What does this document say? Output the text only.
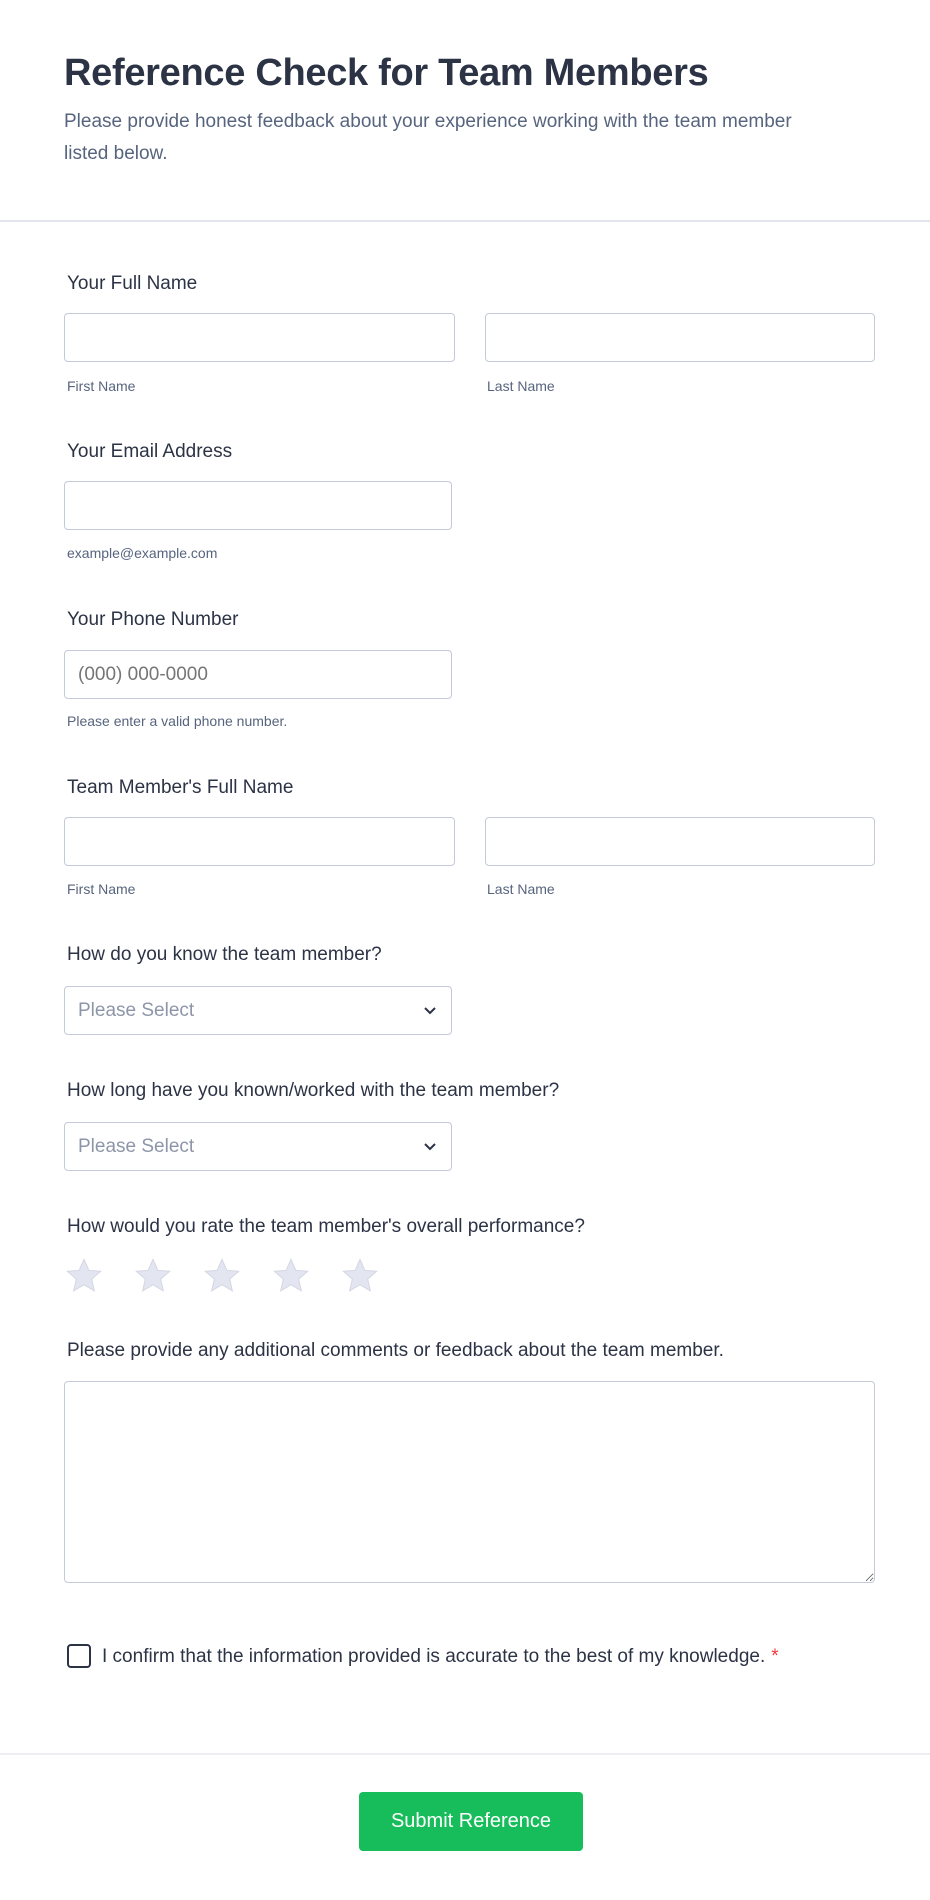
Reference Check for Team Members

Please provide honest feedback about your experience working with the team member listed below.

Your Full Name
First Name	Last Name
Your Email Address
example@example.com
Your Phone Number
(000) 000-0000
Please enter a valid phone number.
Team Member's Full Name
First Name	Last Name
How do you know the team member?
Please Select
How long have you known/worked with the team member?
Please Select
How would you rate the team member's overall performance?
Please provide any additional comments or feedback about the team member.
I confirm that the information provided is accurate to the best of my knowledge. *
Submit Reference
